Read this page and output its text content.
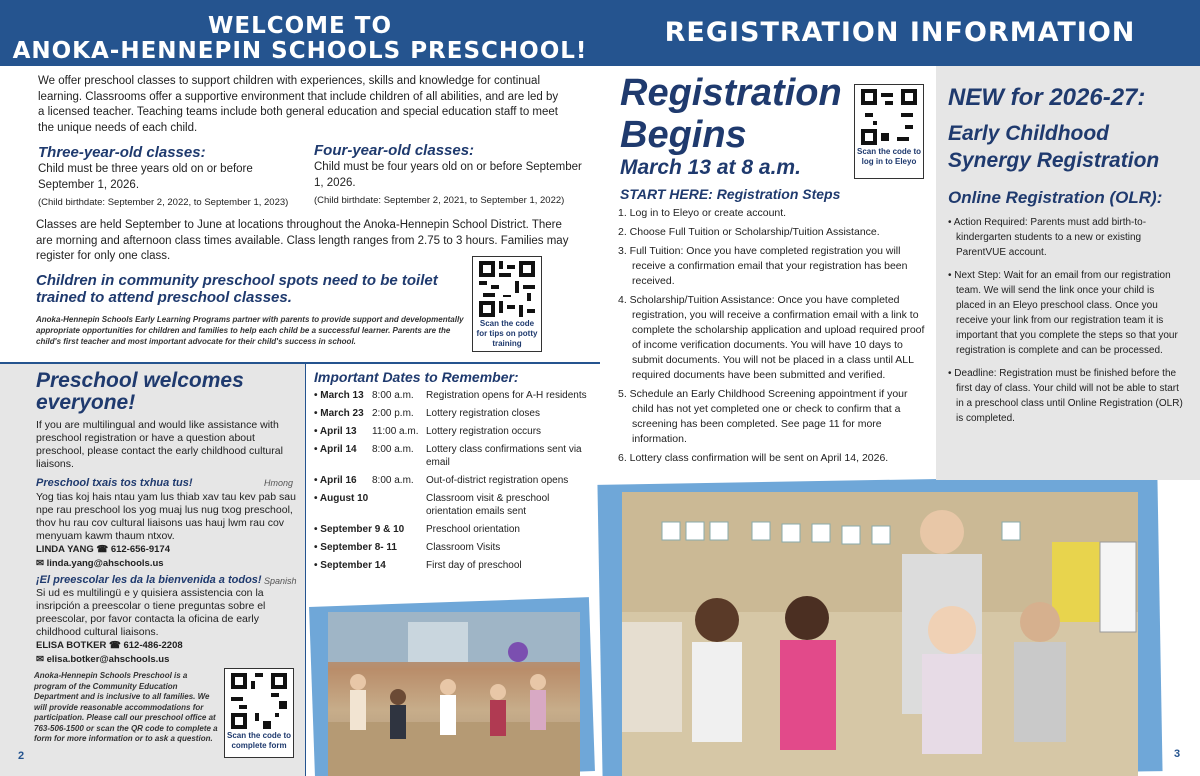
WELCOME TO
ANOKA-HENNEPIN SCHOOLS PRESCHOOL!
REGISTRATION INFORMATION
We offer preschool classes to support children with experiences, skills and knowledge for continual learning. Classrooms offer a supportive environment that include children of all abilities, and are led by a licensed teacher. Teaching teams include both general education and special education staff to meet the unique needs of each child.
Three-year-old classes:
Child must be three years old on or before September 1, 2026.
(Child birthdate: September 2, 2022, to September 1, 2023)
Four-year-old classes:
Child must be four years old on or before September 1, 2026.
(Child birthdate: September 2, 2021, to September 1, 2022)
Classes are held September to June at locations throughout the Anoka-Hennepin School District. There are morning and afternoon class times available. Class length ranges from 2.75 to 3 hours. Families may register for only one class.
Children in community preschool spots need to be toilet trained to attend preschool classes.
Anoka-Hennepin Schools Early Learning Programs partner with parents to provide support and developmentally appropriate opportunities for children and families to help each child be a successful learner. Parents are the child's first teacher and most important advocate for their child's success in school.
Scan the code for tips on potty training
Preschool welcomes everyone!
If you are multilingual and would like assistance with preschool registration or have a question about preschool, please contact the early childhood cultural liaisons.
Preschool txais tos txhua tus!	Hmong
Yog tias koj hais ntau yam lus thiab xav tau kev pab sau npe rau preschool los yog muaj lus nug txog preschool, thov hu rau cov cultural liaisons uas hauj lwm rau cov menyuam kawm thaum ntxov.
LINDA YANG ☎ 612-656-9174
✉ linda.yang@ahschools.us
¡El preescolar les da la bienvenida a todos! Spanish
Si ud es multilingü e y quisiera assistencia con la insripción a preescolar o tiene preguntas sobre el preescolar, por favor contacta la oficina de early childhood cultural liaisons.
ELISA BOTKER ☎ 612-486-2208
✉ elisa.botker@ahschools.us
Anoka-Hennepin Schools Preschool is a program of the Community Education Department and is inclusive to all families. We will provide reasonable accommodations for participation. Please call our preschool office at 763-506-1500 or scan the QR code to complete a form for more information or to ask a question.	Scan the code to complete form
2
Important Dates to Remember:
• March 13 8:00 a.m.	Registration opens for A-H residents
• March 23 2:00 p.m.	Lottery registration closes
• April 13	11:00 a.m. Lottery registration occurs
• April 14	8:00 a.m.	Lottery class confirmations sent via email
• April 16	8:00 a.m.	Out-of-district registration opens
• August 10	Classroom visit & preschool orientation emails sent
• September 9 & 10	Preschool orientation
• September 8- 11	Classroom Visits
• September 14	First day of preschool
Registration Begins
March 13 at 8 a.m.
Scan the code to log in to Eleyo
START HERE: Registration Steps
1. Log in to Eleyo or create account.
2. Choose Full Tuition or Scholarship/Tuition Assistance.
3. Full Tuition: Once you have completed registration you will receive a confirmation email that your registration has been received.
4. Scholarship/Tuition Assistance: Once you have completed registration, you will receive a confirmation email with a link to complete the scholarship application and upload required proof of income verification documents. You will have 10 days to submit documents. You will not be placed in a class until ALL required documents have been submitted and verified.
5. Schedule an Early Childhood Screening appointment if your child has not yet completed one or check to confirm that a screening has been completed. See page 11 for more information.
6. Lottery class confirmation will be sent on April 14, 2026.
NEW for 2026-27:
Early Childhood Synergy Registration
Online Registration (OLR):
• Action Required: Parents must add birth-to-kindergarten students to a new or existing ParentVUE account.
• Next Step: Wait for an email from our registration team. We will send the link once your child is placed in an Eleyo preschool class. Once you receive your link from our registration team it is important that you complete the steps so that your registration is complete and can be processed.
• Deadline: Registration must be finished before the first day of class. Your child will not be able to start in a preschool class until Online Registration (OLR) is completed.
3
